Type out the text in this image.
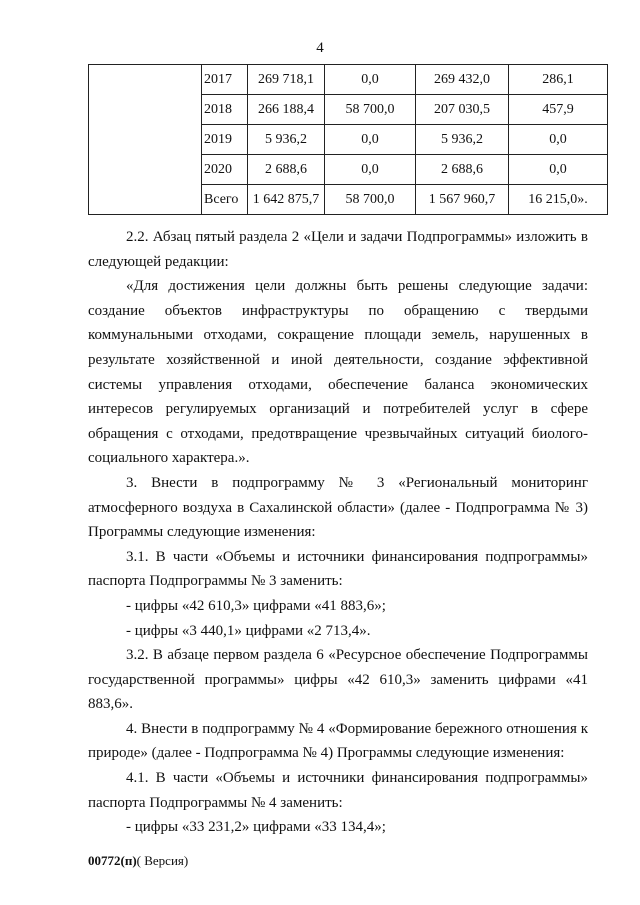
4
	2017	269 718,1	0,0	269 432,0	286,1
	2018	266 188,4	58 700,0	207 030,5	457,9
	2019	5 936,2	0,0	5 936,2	0,0
	2020	2 688,6	0,0	2 688,6	0,0
	Всего	1 642 875,7	58 700,0	1 567 960,7	16 215,0».

2.2. Абзац пятый раздела 2 «Цели и задачи Подпрограммы» изложить в следующей редакции:

«Для достижения цели должны быть решены следующие задачи: создание объектов инфраструктуры по обращению с твердыми коммунальными отходами, сокращение площади земель, нарушенных в результате хозяйственной и иной деятельности, создание эффективной системы управления отходами, обеспечение баланса экономических интересов регулируемых организаций и потребителей услуг в сфере обращения с отходами, предотвращение чрезвычайных ситуаций биолого-социального характера.».

3. Внести в подпрограмму № 3 «Региональный мониторинг атмосферного воздуха в Сахалинской области» (далее - Подпрограмма № 3) Программы следующие изменения:

3.1. В части «Объемы и источники финансирования подпрограммы» паспорта Подпрограммы № 3 заменить:

- цифры «42 610,3» цифрами «41 883,6»;

- цифры «3 440,1» цифрами «2 713,4».

3.2. В абзаце первом раздела 6 «Ресурсное обеспечение Подпрограммы государственной программы» цифры «42 610,3» заменить цифрами «41 883,6».

4. Внести в подпрограмму № 4 «Формирование бережного отношения к природе» (далее - Подпрограмма № 4) Программы следующие изменения:

4.1. В части «Объемы и источники финансирования подпрограммы» паспорта Подпрограммы № 4 заменить:

- цифры «33 231,2» цифрами «33 134,4»;

00772(п)( Версия)
